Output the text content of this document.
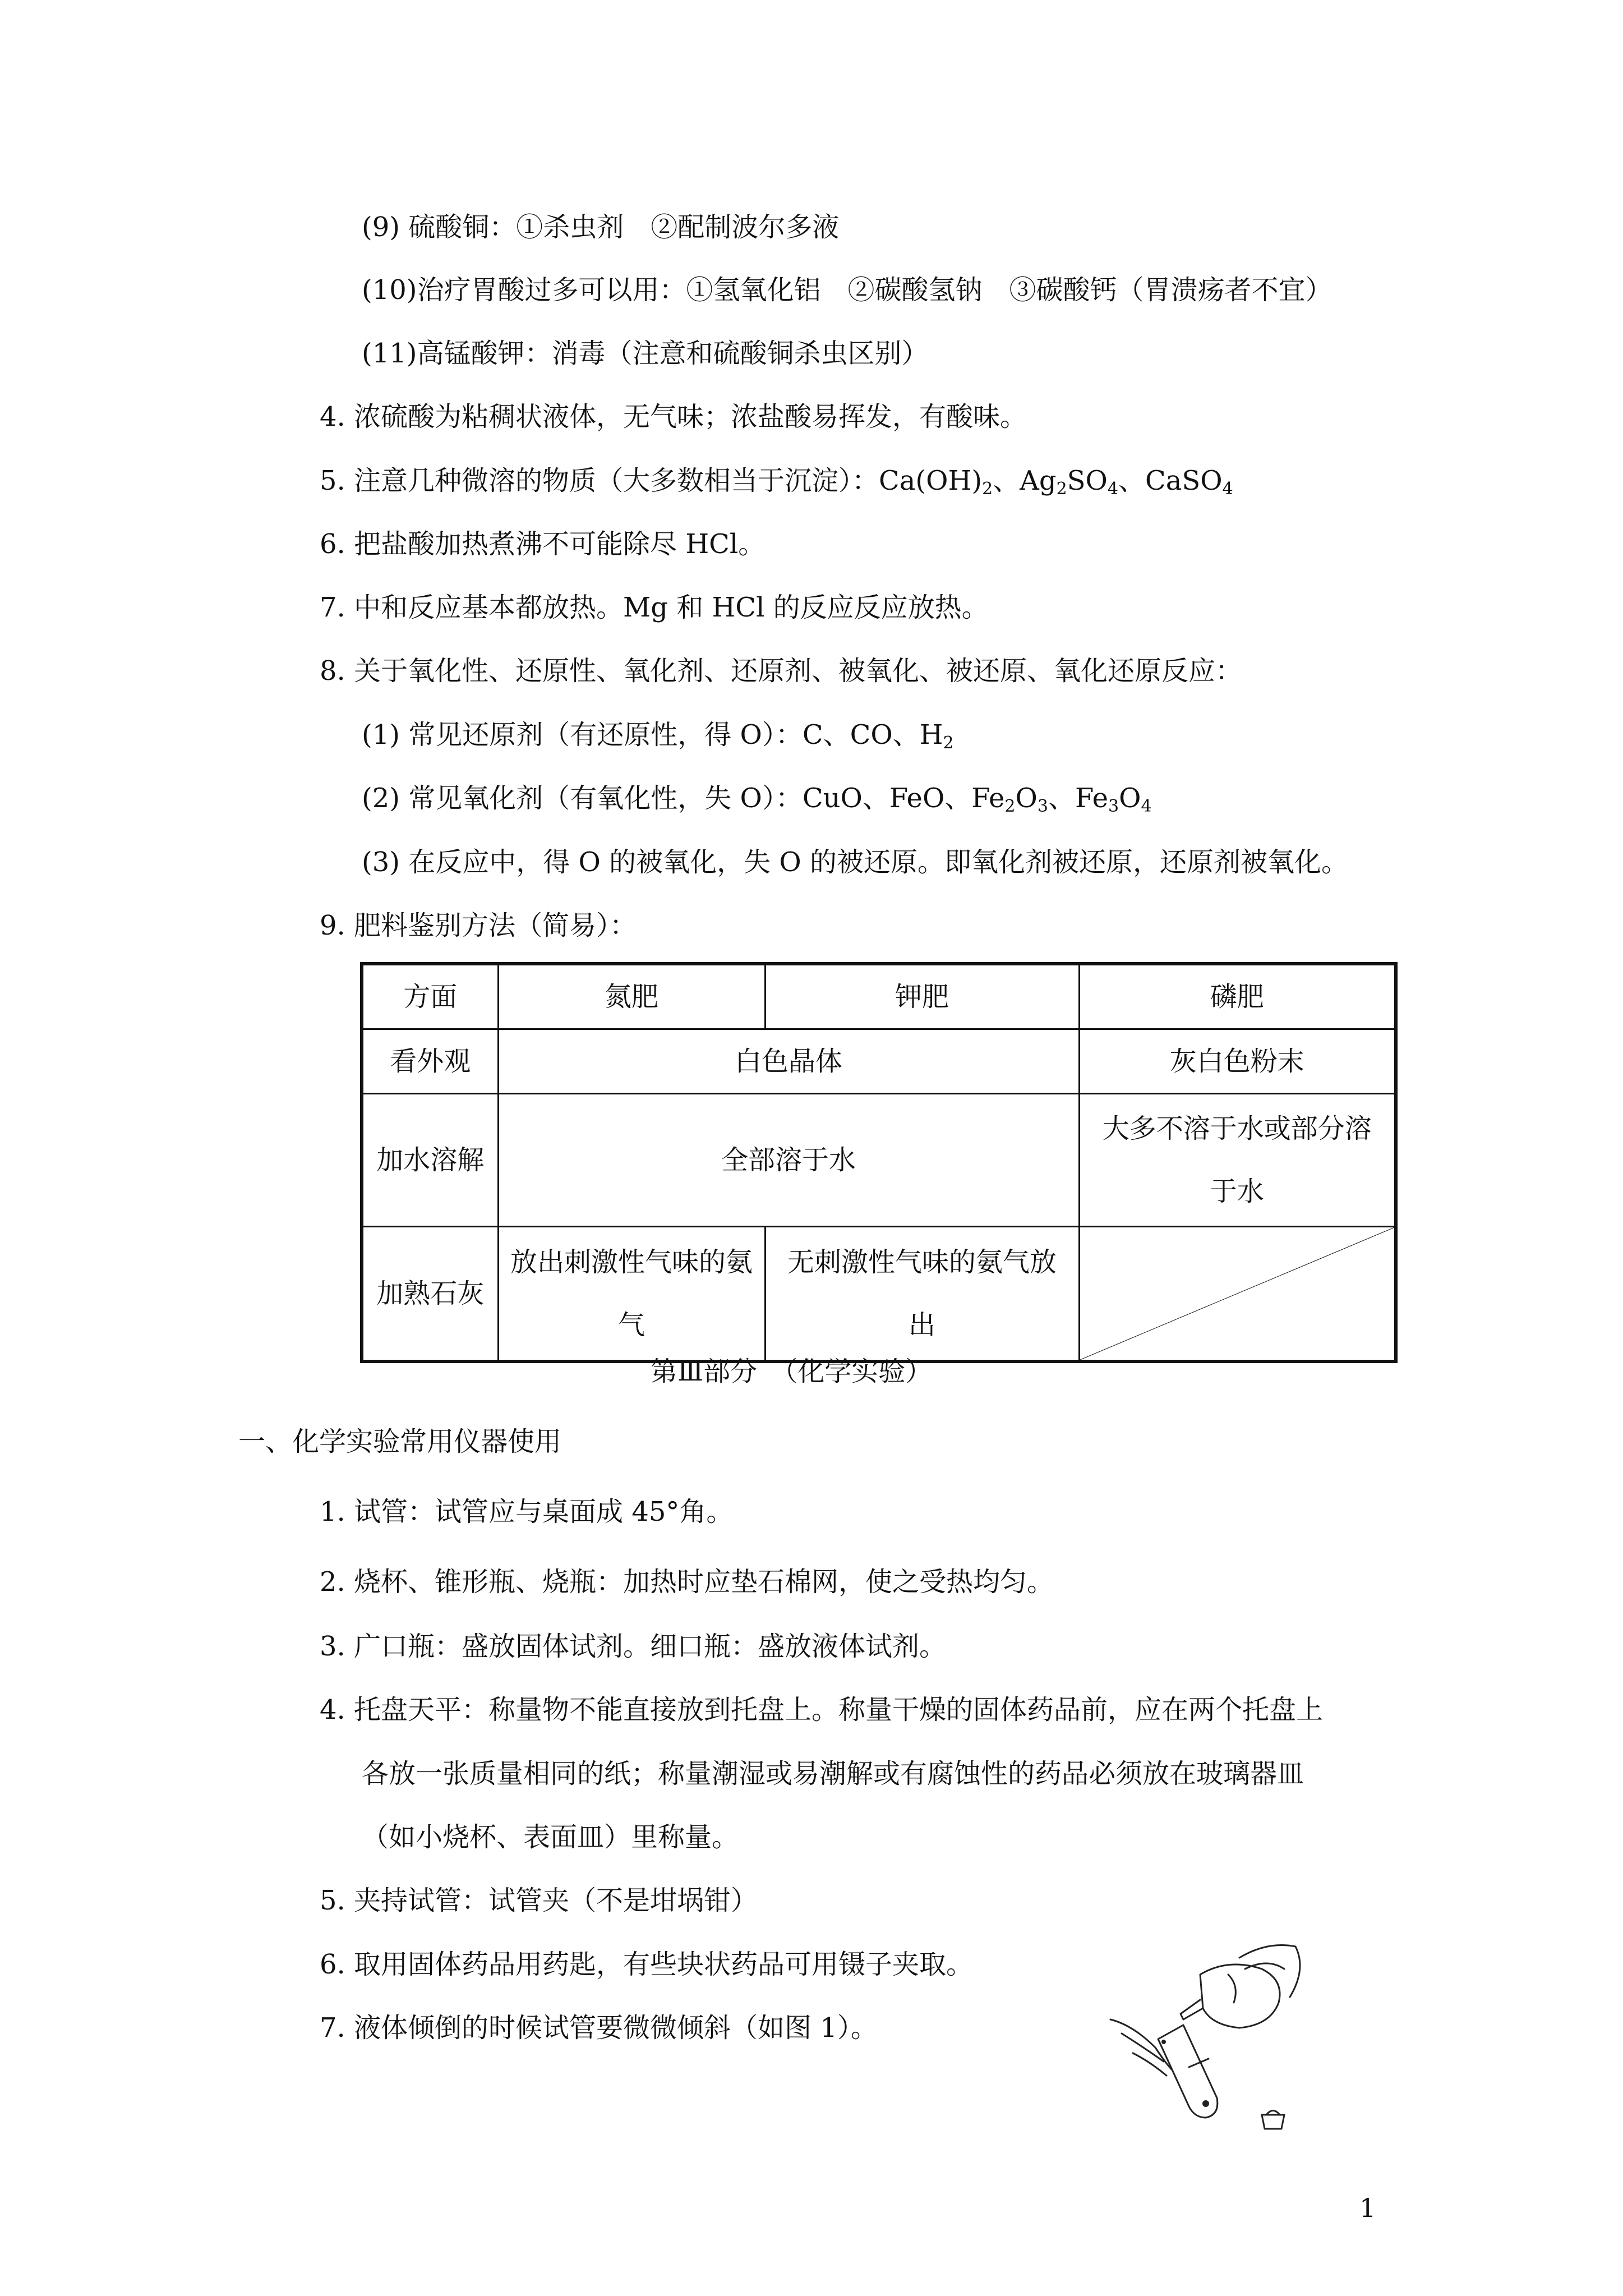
(9) 硫酸铜：①杀虫剂　②配制波尔多液
(10)治疗胃酸过多可以用：①氢氧化铝　②碳酸氢钠　③碳酸钙（胃溃疡者不宜）
(11)高锰酸钾：消毒（注意和硫酸铜杀虫区别）
4. 浓硫酸为粘稠状液体，无气味；浓盐酸易挥发，有酸味。
5. 注意几种微溶的物质（大多数相当于沉淀）：$Ca(OH)_2$、$Ag_2SO_4$、CaSO$_4$
6. 把盐酸加热煮沸不可能除尽 HCl。
7. 中和反应基本都放热。Mg 和 HCl 的反应反应放热。
8. 关于氧化性、还原性、氧化剂、还原剂、被氧化、被还原、氧化还原反应：
(1) 常见还原剂（有还原性，得 O）：C、CO、$H_2$
(2) 常见氧化剂（有氧化性，失 O）：CuO、FeO、$Fe_2O_3$、$Fe_3O_4$
(3) 在反应中，得 O 的被氧化，失 O 的被还原。即氧化剂被还原，还原剂被氧化。
9. 肥料鉴别方法（简易）：
方面	氮肥	钾肥	磷肥
看外观	白色晶体		灰白色粉末
加水溶解	全部溶于水		大多不溶于水或部分溶于水
加熟石灰	放出刺激性气味的氨气	无刺激性气味的氨气放出	
第Ⅲ部分　（化学实验）
一、化学实验常用仪器使用
1. 试管：试管应与桌面成 45°角。
2. 烧杯、锥形瓶、烧瓶：加热时应垫石棉网，使之受热均匀。
3. 广口瓶：盛放固体试剂。细口瓶：盛放液体试剂。
4. 托盘天平：称量物不能直接放到托盘上。称量干燥的固体药品前，应在两个托盘上
各放一张质量相同的纸；称量潮湿或易潮解或有腐蚀性的药品必须放在玻璃器皿
（如小烧杯、表面皿）里称量。
5. 夹持试管：试管夹（不是坩埚钳）
6. 取用固体药品用药匙，有些块状药品可用镊子夹取。
7. 液体倾倒的时候试管要微微倾斜（如图 1）。
1
